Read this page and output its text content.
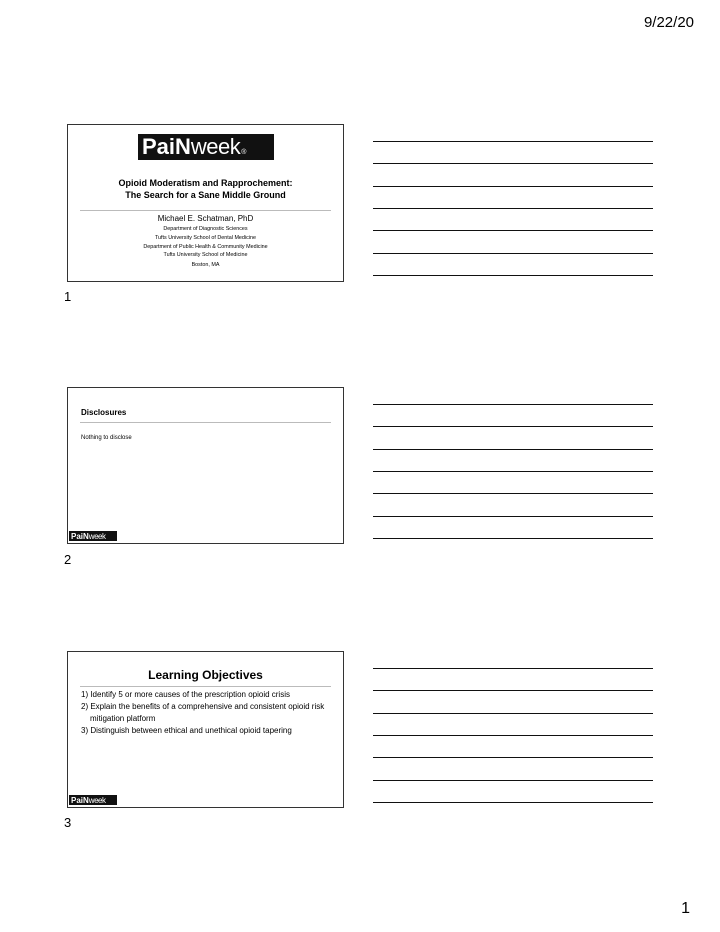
9/22/20
PaiN week ®
Opioid Moderatism and Rapprochement:
The Search for a Sane Middle Ground
Michael E. Schatman, PhD
Department of Diagnostic Sciences
Tufts University School of Dental Medicine
Department of Public Health & Community Medicine
Tufts University School of Medicine
Boston, MA
1
Disclosures
Nothing to disclose
PaiN week
2
Learning Objectives
1) Identify 5 or more causes of the prescription opioid crisis
2) Explain the benefits of a comprehensive and consistent opioid risk mitigation platform
3) Distinguish between ethical and unethical opioid tapering
PaiN week
3
1
